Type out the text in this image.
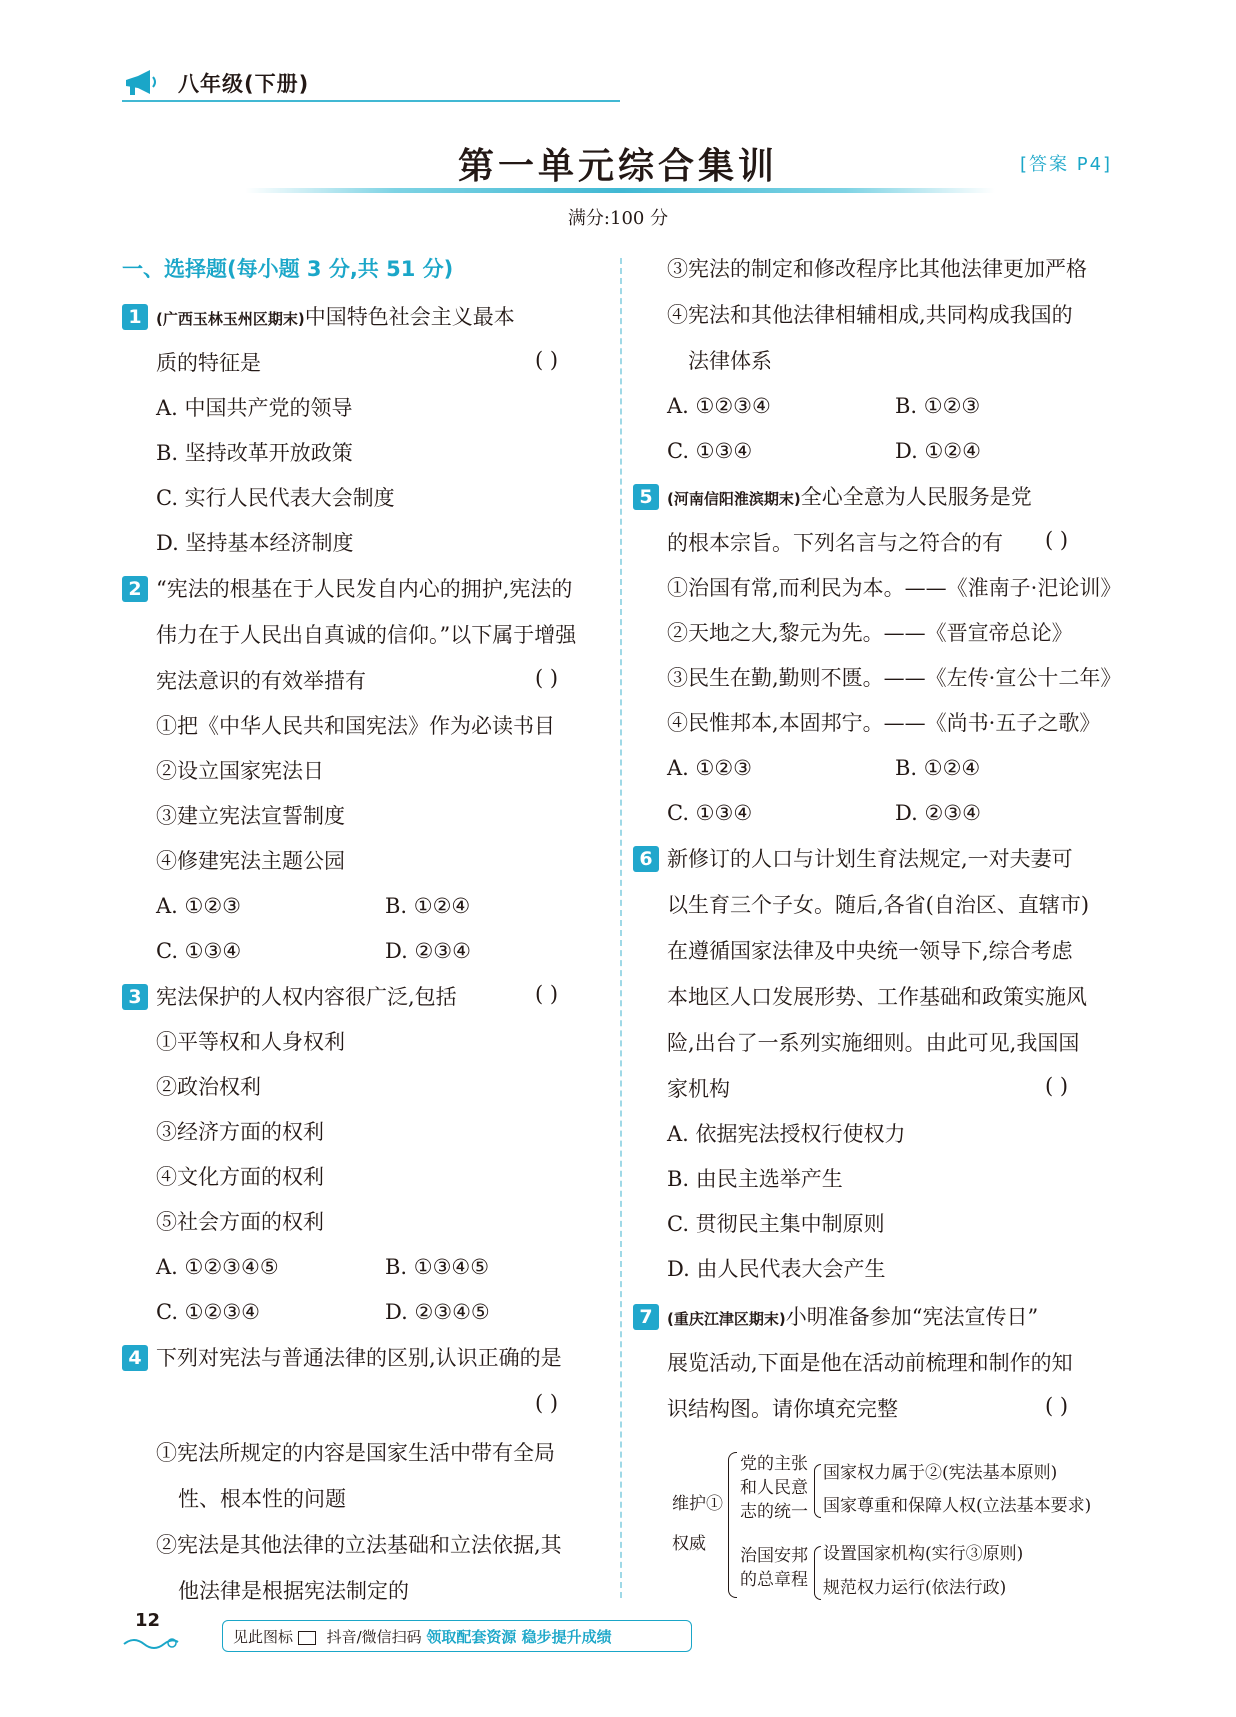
八年级(下册)
第一单元综合集训	[答案 P4]
满分:100 分
一、选择题(每小题 3 分,共 51 分)
1 (广西玉林玉州区期末)中国特色社会主义最本
质的特征是	( )
A. 中国共产党的领导
B. 坚持改革开放政策
C. 实行人民代表大会制度
D. 坚持基本经济制度
2 “宪法的根基在于人民发自内心的拥护,宪法的
伟力在于人民出自真诚的信仰。”以下属于增强
宪法意识的有效举措有	( )
①把《中华人民共和国宪法》作为必读书目
②设立国家宪法日
③建立宪法宣誓制度
④修建宪法主题公园
A. ①②③	B. ①②④
C. ①③④	D. ②③④
3 宪法保护的人权内容很广泛,包括	( )
①平等权和人身权利
②政治权利
③经济方面的权利
④文化方面的权利
⑤社会方面的权利
A. ①②③④⑤	B. ①③④⑤
C. ①②③④	D. ②③④⑤
4 下列对宪法与普通法律的区别,认识正确的是
( )
①宪法所规定的内容是国家生活中带有全局
性、根本性的问题
②宪法是其他法律的立法基础和立法依据,其
他法律是根据宪法制定的
③宪法的制定和修改程序比其他法律更加严格
④宪法和其他法律相辅相成,共同构成我国的
法律体系
A. ①②③④	B. ①②③
C. ①③④	D. ①②④
5 (河南信阳淮滨期末)全心全意为人民服务是党
的根本宗旨。下列名言与之符合的有 ( )
①治国有常,而利民为本。——《淮南子·汜论训》
②天地之大,黎元为先。——《晋宣帝总论》
③民生在勤,勤则不匮。——《左传·宣公十二年》
④民惟邦本,本固邦宁。——《尚书·五子之歌》
A. ①②③	B. ①②④
C. ①③④	D. ②③④
6 新修订的人口与计划生育法规定,一对夫妻可
以生育三个子女。随后,各省(自治区、直辖市)
在遵循国家法律及中央统一领导下,综合考虑
本地区人口发展形势、工作基础和政策实施风
险,出台了一系列实施细则。由此可见,我国国
家机构	( )
A. 依据宪法授权行使权力
B. 由民主选举产生
C. 贯彻民主集中制原则
D. 由人民代表大会产生
7 (重庆江津区期末)小明准备参加“宪法宣传日”
展览活动,下面是他在活动前梳理和制作的知
识结构图。请你填充完整	( )
维护①
权威
党的主张
和人民意
志的统一
国家权力属于②(宪法基本原则)
国家尊重和保障人权(立法基本要求)
治国安邦
的总章程
设置国家机构(实行③原则)
规范权力运行(依法行政)
12
见此图标  抖音/微信扫码 领取配套资源 稳步提升成绩
